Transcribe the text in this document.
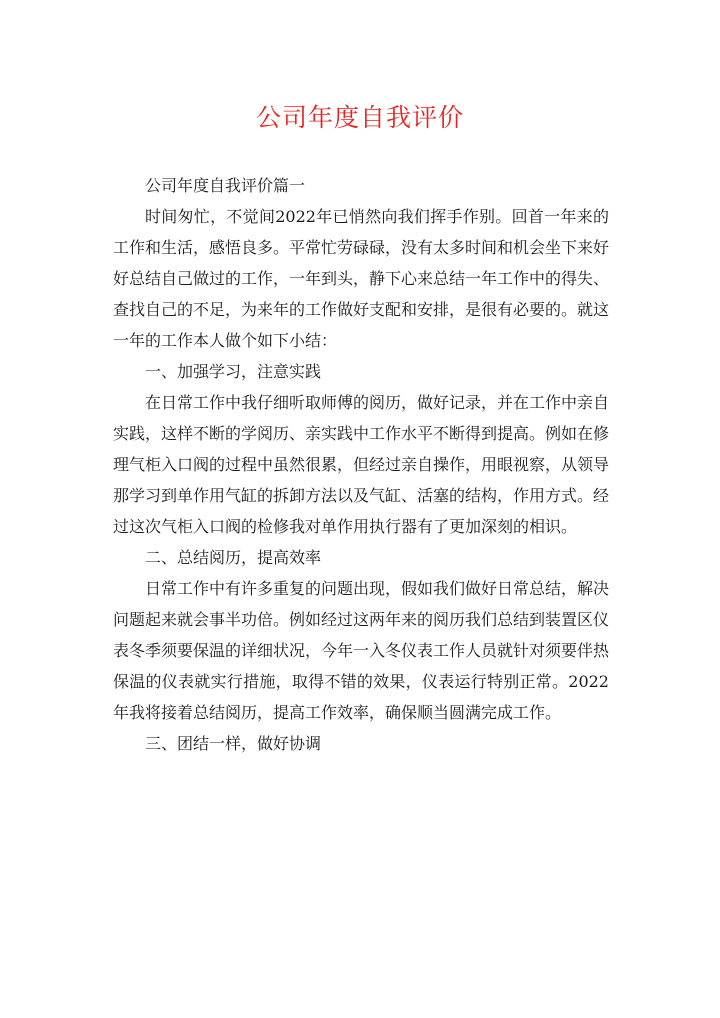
公司年度自我评价

公司年度自我评价篇一

时间匆忙，不觉间2022年已悄然向我们挥手作别。回首一年来的工作和生活，感悟良多。平常忙劳碌碌，没有太多时间和机会坐下来好好总结自己做过的工作，一年到头，静下心来总结一年工作中的得失、查找自己的不足，为来年的工作做好支配和安排，是很有必要的。就这一年的工作本人做个如下小结：

一、加强学习，注意实践

在日常工作中我仔细听取师傅的阅历，做好记录，并在工作中亲自实践，这样不断的学阅历、亲实践中工作水平不断得到提高。例如在修理气柜入口阀的过程中虽然很累，但经过亲自操作，用眼视察，从领导那学习到单作用气缸的拆卸方法以及气缸、活塞的结构，作用方式。经过这次气柜入口阀的检修我对单作用执行器有了更加深刻的相识。

二、总结阅历，提高效率

日常工作中有许多重复的问题出现，假如我们做好日常总结，解决问题起来就会事半功倍。例如经过这两年来的阅历我们总结到装置区仪表冬季须要保温的详细状况，今年一入冬仪表工作人员就针对须要伴热保温的仪表就实行措施，取得不错的效果，仪表运行特别正常。2022年我将接着总结阅历，提高工作效率，确保顺当圆满完成工作。

三、团结一样，做好协调
